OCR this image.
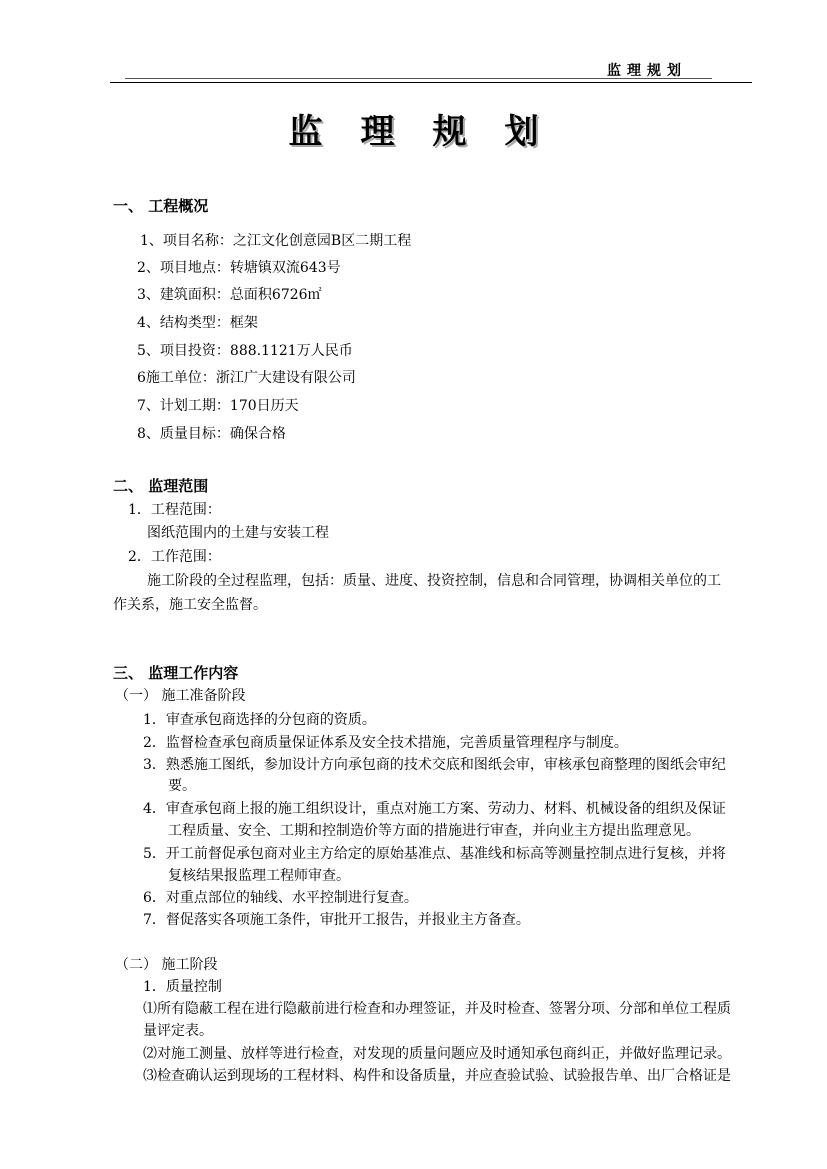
监理规划
监理规划
一、 工程概况
1、项目名称：之江文化创意园B区二期工程
2、项目地点：转塘镇双流643号
3、建筑面积：总面积6726㎡
4、结构类型：框架
5、项目投资：888.1121万人民币
6施工单位：浙江广大建设有限公司
7、计划工期：170日历天
8、质量目标：确保合格
二、 监理范围
1．工程范围：
图纸范围内的土建与安装工程
2．工作范围：
施工阶段的全过程监理，包括：质量、进度、投资控制，信息和合同管理，协调相关单位的工
作关系，施工安全监督。
三、 监理工作内容
（一） 施工准备阶段
1．审查承包商选择的分包商的资质。
2．监督检查承包商质量保证体系及安全技术措施，完善质量管理程序与制度。
3．熟悉施工图纸，参加设计方向承包商的技术交底和图纸会审，审核承包商整理的图纸会审纪
要。
4．审查承包商上报的施工组织设计，重点对施工方案、劳动力、材料、机械设备的组织及保证
工程质量、安全、工期和控制造价等方面的措施进行审查，并向业主方提出监理意见。
5．开工前督促承包商对业主方给定的原始基准点、基准线和标高等测量控制点进行复核，并将
复核结果报监理工程师审查。
6．对重点部位的轴线、水平控制进行复查。
7．督促落实各项施工条件，审批开工报告，并报业主方备查。
（二） 施工阶段
1．质量控制
⑴所有隐蔽工程在进行隐蔽前进行检查和办理签证，并及时检查、签署分项、分部和单位工程质
量评定表。
⑵对施工测量、放样等进行检查，对发现的质量问题应及时通知承包商纠正，并做好监理记录。
⑶检查确认运到现场的工程材料、构件和设备质量，并应查验试验、试验报告单、出厂合格证是
